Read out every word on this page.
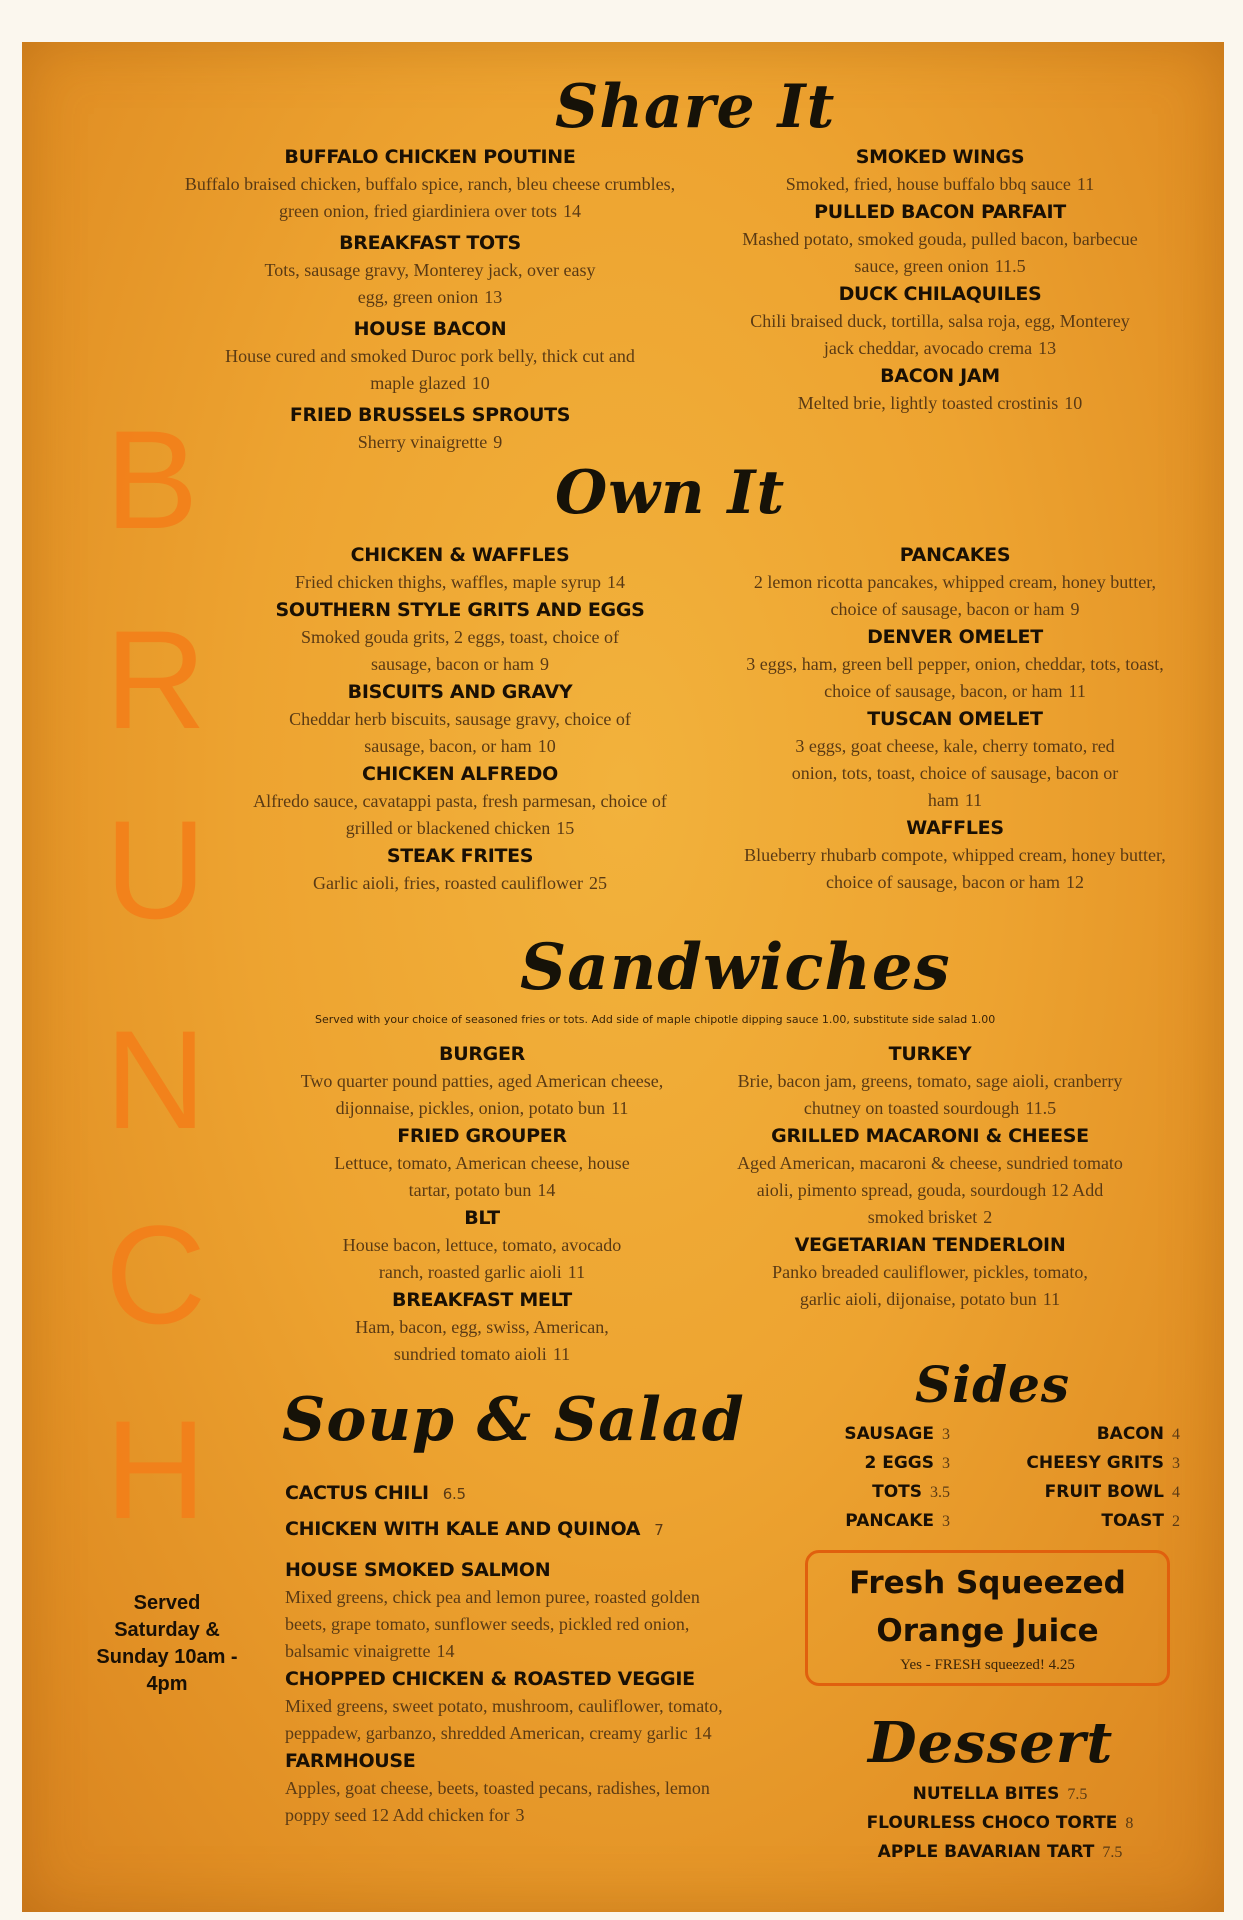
B
R
U
N
C
H
Served Saturday & Sunday 10am - 4pm
Share It
Own It
Sandwiches
Served with your choice of seasoned fries or tots. Add side of maple chipotle dipping sauce 1.00, substitute side salad 1.00
Soup & Salad
Sides
Dessert
BUFFALO CHICKEN POUTINE
Buffalo braised chicken, buffalo spice, ranch, bleu cheese crumbles, green onion, fried giardiniera over tots 14
BREAKFAST TOTS
Tots, sausage gravy, Monterey jack, over easy egg, green onion 13
HOUSE BACON
House cured and smoked Duroc pork belly, thick cut and maple glazed 10
FRIED BRUSSELS SPROUTS
Sherry vinaigrette 9
SMOKED WINGS
Smoked, fried, house buffalo bbq sauce 11
PULLED BACON PARFAIT
Mashed potato, smoked gouda, pulled bacon, barbecue sauce, green onion 11.5
DUCK CHILAQUILES
Chili braised duck, tortilla, salsa roja, egg, Monterey jack cheddar, avocado crema 13
BACON JAM
Melted brie, lightly toasted crostinis 10
CHICKEN & WAFFLES
Fried chicken thighs, waffles, maple syrup 14
SOUTHERN STYLE GRITS AND EGGS
Smoked gouda grits, 2 eggs, toast, choice of sausage, bacon or ham 9
BISCUITS AND GRAVY
Cheddar herb biscuits, sausage gravy, choice of sausage, bacon, or ham 10
CHICKEN ALFREDO
Alfredo sauce, cavatappi pasta, fresh parmesan, choice of grilled or blackened chicken 15
STEAK FRITES
Garlic aioli, fries, roasted cauliflower 25
PANCAKES
2 lemon ricotta pancakes, whipped cream, honey butter, choice of sausage, bacon or ham 9
DENVER OMELET
3 eggs, ham, green bell pepper, onion, cheddar, tots, toast, choice of sausage, bacon, or ham 11
TUSCAN OMELET
3 eggs, goat cheese, kale, cherry tomato, red onion, tots, toast, choice of sausage, bacon or ham 11
WAFFLES
Blueberry rhubarb compote, whipped cream, honey butter, choice of sausage, bacon or ham 12
BURGER
Two quarter pound patties, aged American cheese, dijonnaise, pickles, onion, potato bun 11
FRIED GROUPER
Lettuce, tomato, American cheese, house tartar, potato bun 14
BLT
House bacon, lettuce, tomato, avocado ranch, roasted garlic aioli 11
BREAKFAST MELT
Ham, bacon, egg, swiss, American, sundried tomato aioli 11
TURKEY
Brie, bacon jam, greens, tomato, sage aioli, cranberry chutney on toasted sourdough 11.5
GRILLED MACARONI & CHEESE
Aged American, macaroni & cheese, sundried tomato aioli, pimento spread, gouda, sourdough 12 Add smoked brisket 2
VEGETARIAN TENDERLOIN
Panko breaded cauliflower, pickles, tomato, garlic aioli, dijonaise, potato bun 11
CACTUS CHILI 6.5
CHICKEN WITH KALE AND QUINOA 7
HOUSE SMOKED SALMON
Mixed greens, chick pea and lemon puree, roasted golden beets, grape tomato, sunflower seeds, pickled red onion, balsamic vinaigrette 14
CHOPPED CHICKEN & ROASTED VEGGIE
Mixed greens, sweet potato, mushroom, cauliflower, tomato, peppadew, garbanzo, shredded American, creamy garlic 14
FARMHOUSE
Apples, goat cheese, beets, toasted pecans, radishes, lemon poppy seed 12 Add chicken for 3
SAUSAGE 3
2 EGGS 3
TOTS 3.5
PANCAKE 3
BACON 4
CHEESY GRITS 3
FRUIT BOWL 4
TOAST 2
Fresh Squeezed
Orange Juice
Yes - FRESH squeezed! 4.25
NUTELLA BITES 7.5
FLOURLESS CHOCO TORTE 8
APPLE BAVARIAN TART 7.5
